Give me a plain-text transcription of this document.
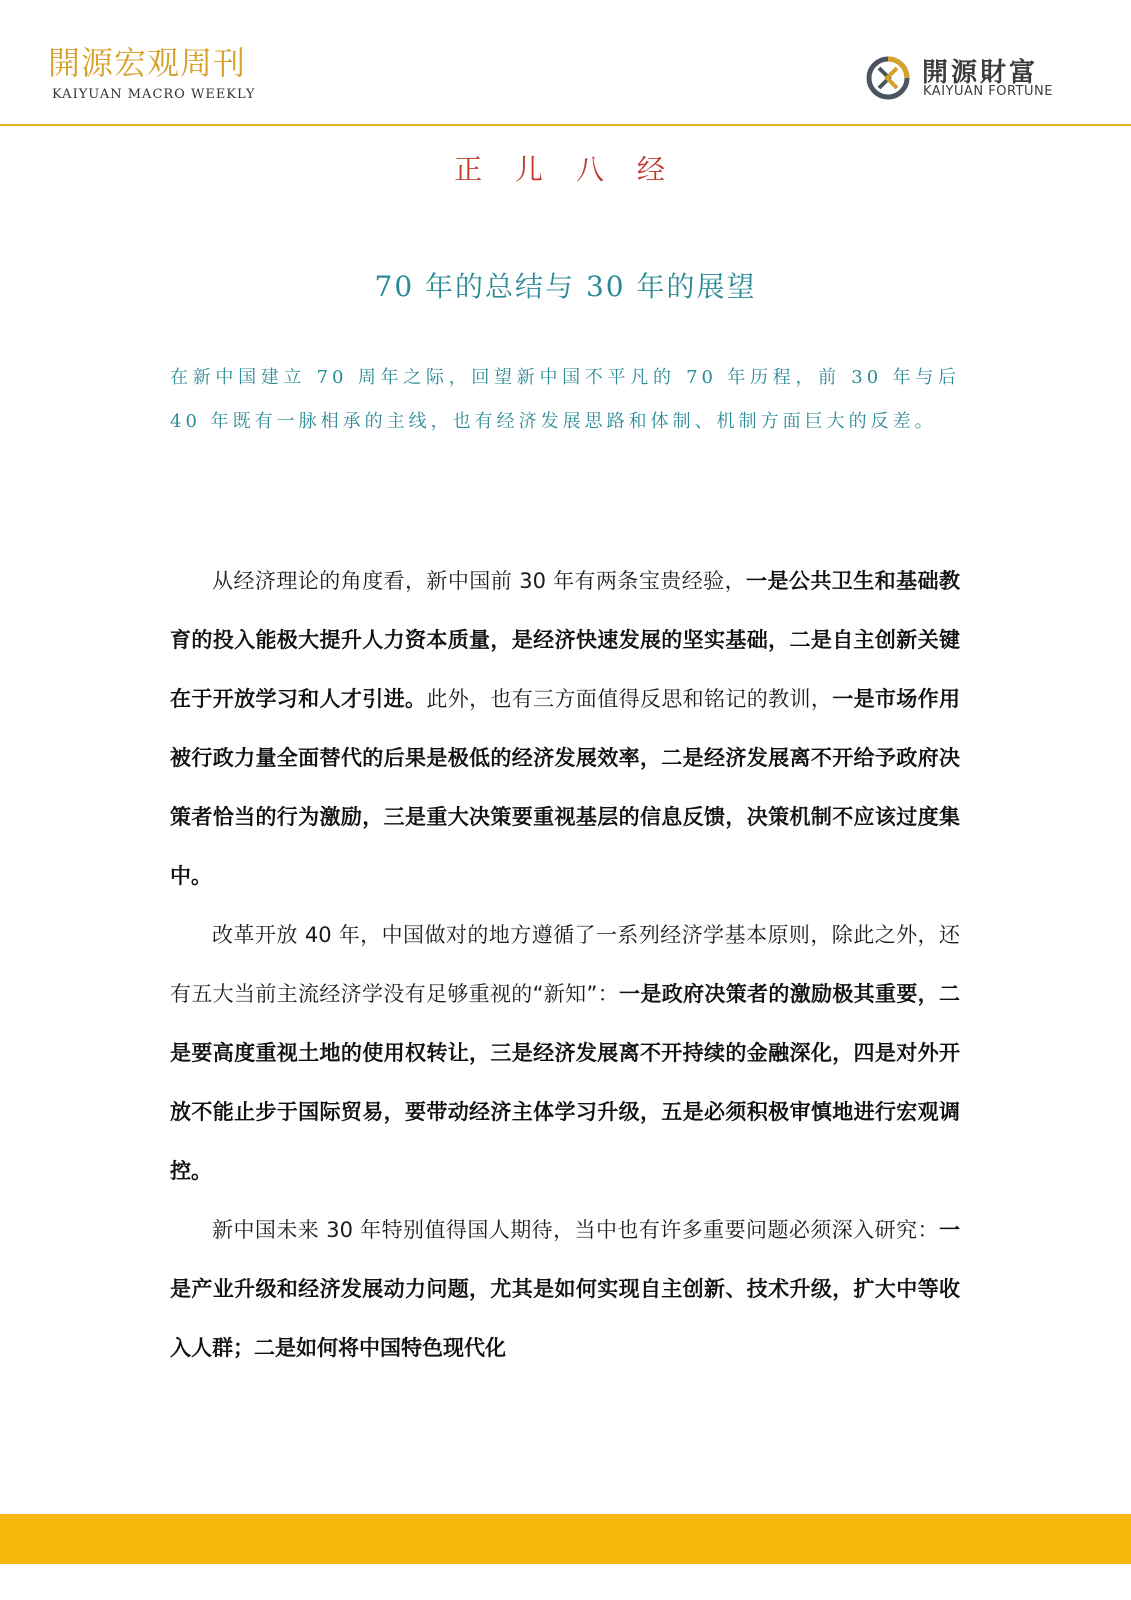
開源宏观周刊
KAIYUAN MACRO WEEKLY
開源財富
KAIYUAN FORTUNE
正 儿 八 经
70 年的总结与 30 年的展望
在新中国建立 70 周年之际，回望新中国不平凡的 70 年历程，前 30 年与后 40 年既有一脉相承的主线，也有经济发展思路和体制、机制方面巨大的反差。

从经济理论的角度看，新中国前 30 年有两条宝贵经验，一是公共卫生和基础教育的投入能极大提升人力资本质量，是经济快速发展的坚实基础，二是自主创新关键在于开放学习和人才引进。此外，也有三方面值得反思和铭记的教训，一是市场作用被行政力量全面替代的后果是极低的经济发展效率，二是经济发展离不开给予政府决策者恰当的行为激励，三是重大决策要重视基层的信息反馈，决策机制不应该过度集中。

改革开放 40 年，中国做对的地方遵循了一系列经济学基本原则，除此之外，还有五大当前主流经济学没有足够重视的“新知”：一是政府决策者的激励极其重要，二是要高度重视土地的使用权转让，三是经济发展离不开持续的金融深化，四是对外开放不能止步于国际贸易，要带动经济主体学习升级，五是必须积极审慎地进行宏观调控。

新中国未来 30 年特别值得国人期待，当中也有许多重要问题必须深入研究：一是产业升级和经济发展动力问题，尤其是如何实现自主创新、技术升级，扩大中等收入人群；二是如何将中国特色现代化
